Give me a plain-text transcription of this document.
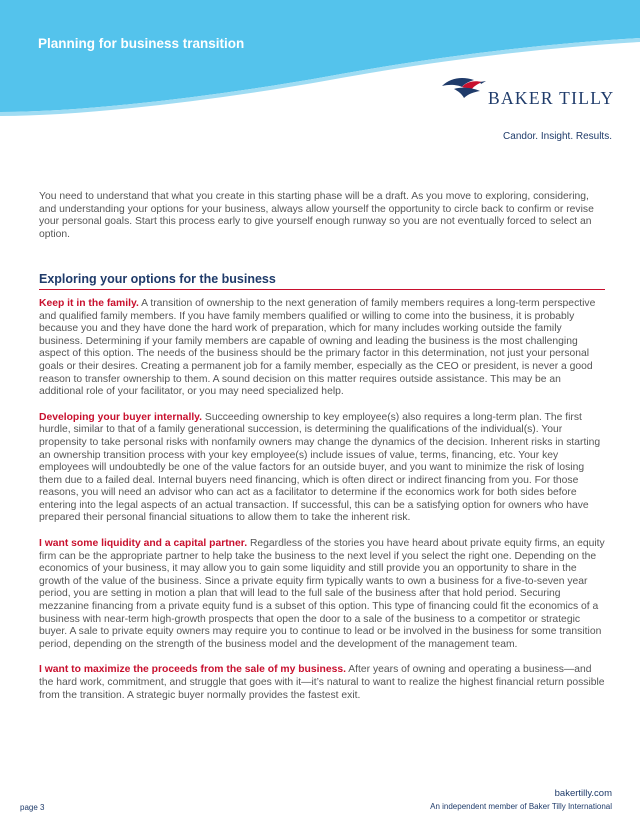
Planning for business transition
BAKER TILLY
Candor. Insight. Results.

You need to understand that what you create in this starting phase will be a draft. As you move to exploring, considering, and understanding your options for your business, always allow yourself the opportunity to circle back to confirm or revise your personal goals. Start this process early to give yourself enough runway so you are not eventually forced to select an option.

Exploring your options for the business

Keep it in the family. A transition of ownership to the next generation of family members requires a long-term perspective and qualified family members. If you have family members qualified or willing to come into the business, it is probably because you and they have done the hard work of preparation, which for many includes working outside the family business. Determining if your family members are capable of owning and leading the business is the most challenging aspect of this option. The needs of the business should be the primary factor in this determination, not just your personal goals or their desires. Creating a permanent job for a family member, especially as the CEO or president, is never a good reason to transfer ownership to them. A sound decision on this matter requires outside assistance. This may be an additional role of your facilitator, or you may need specialized help.

Developing your buyer internally. Succeeding ownership to key employee(s) also requires a long-term plan. The first hurdle, similar to that of a family generational succession, is determining the qualifications of the individual(s). Your propensity to take personal risks with nonfamily owners may change the dynamics of the decision. Inherent risks in starting an ownership transition process with your key employee(s) include issues of value, terms, financing, etc. Your key employees will undoubtedly be one of the value factors for an outside buyer, and you want to minimize the risk of losing them due to a failed deal. Internal buyers need financing, which is often direct or indirect financing from you. For those reasons, you will need an advisor who can act as a facilitator to determine if the economics work for both sides before entering into the legal aspects of an actual transaction. If successful, this can be a satisfying option for owners who have prepared their personal financial situations to allow them to take the inherent risk.

I want some liquidity and a capital partner. Regardless of the stories you have heard about private equity firms, an equity firm can be the appropriate partner to help take the business to the next level if you select the right one. Depending on the economics of your business, it may allow you to gain some liquidity and still provide you an opportunity to share in the growth of the value of the business. Since a private equity firm typically wants to own a business for a five-to-seven year period, you are setting in motion a plan that will lead to the full sale of the business after that hold period. Securing mezzanine financing from a private equity fund is a subset of this option. This type of financing could fit the economics of a business with near-term high-growth prospects that open the door to a sale of the business to a competitor or strategic buyer. A sale to private equity owners may require you to continue to lead or be involved in the business for some transition period, depending on the strength of the business model and the development of the management team.

I want to maximize the proceeds from the sale of my business. After years of owning and operating a business—and the hard work, commitment, and struggle that goes with it—it’s natural to want to realize the highest financial return possible from the transition. A strategic buyer normally provides the fastest exit.

bakertilly.com
page 3	An independent member of Baker Tilly International
